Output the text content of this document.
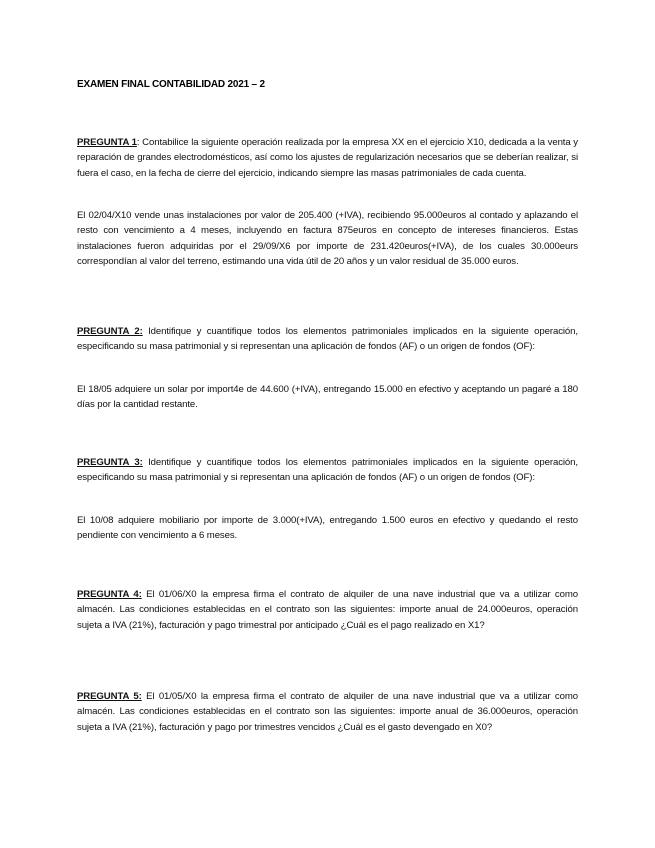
EXAMEN FINAL CONTABILIDAD 2021 – 2
PREGUNTA 1: Contabilice la siguiente operación realizada por la empresa XX en el ejercicio X10, dedicada a la venta y reparación de grandes electrodomésticos, así como los ajustes de regularización necesarios que se deberían realizar, si fuera el caso, en la fecha de cierre del ejercicio, indicando siempre las masas patrimoniales de cada cuenta.
El 02/04/X10 vende unas instalaciones por valor de 205.400 (+IVA), recibiendo 95.000euros al contado y aplazando el resto con vencimiento a 4 meses, incluyendo en factura 875euros en concepto de intereses financieros. Estas instalaciones fueron adquiridas por el 29/09/X6 por importe de 231.420euros(+IVA), de los cuales 30.000eurs correspondían al valor del terreno, estimando una vida útil de 20 años y un valor residual de 35.000 euros.
PREGUNTA 2: Identifique y cuantifique todos los elementos patrimoniales implicados en la siguiente operación, especificando su masa patrimonial y si representan una aplicación de fondos (AF) o un origen de fondos (OF):
El 18/05 adquiere un solar por import4e de 44.600 (+IVA), entregando 15.000 en efectivo y aceptando un pagaré a 180 días por la cantidad restante.
PREGUNTA 3: Identifique y cuantifique todos los elementos patrimoniales implicados en la siguiente operación, especificando su masa patrimonial y si representan una aplicación de fondos (AF) o un origen de fondos (OF):
El 10/08 adquiere mobiliario por importe de 3.000(+IVA), entregando 1.500 euros en efectivo y quedando el resto pendiente con vencimiento a 6 meses.
PREGUNTA 4: El 01/06/X0 la empresa firma el contrato de alquiler de una nave industrial que va a utilizar como almacén. Las condiciones establecidas en el contrato son las siguientes: importe anual de 24.000euros, operación sujeta a IVA (21%), facturación y pago trimestral por anticipado ¿Cuál es el pago realizado en X1?
PREGUNTA 5: El 01/05/X0 la empresa firma el contrato de alquiler de una nave industrial que va a utilizar como almacén. Las condiciones establecidas en el contrato son las siguientes: importe anual de 36.000euros, operación sujeta a IVA (21%), facturación y pago por trimestres vencidos ¿Cuál es el gasto devengado en X0?
